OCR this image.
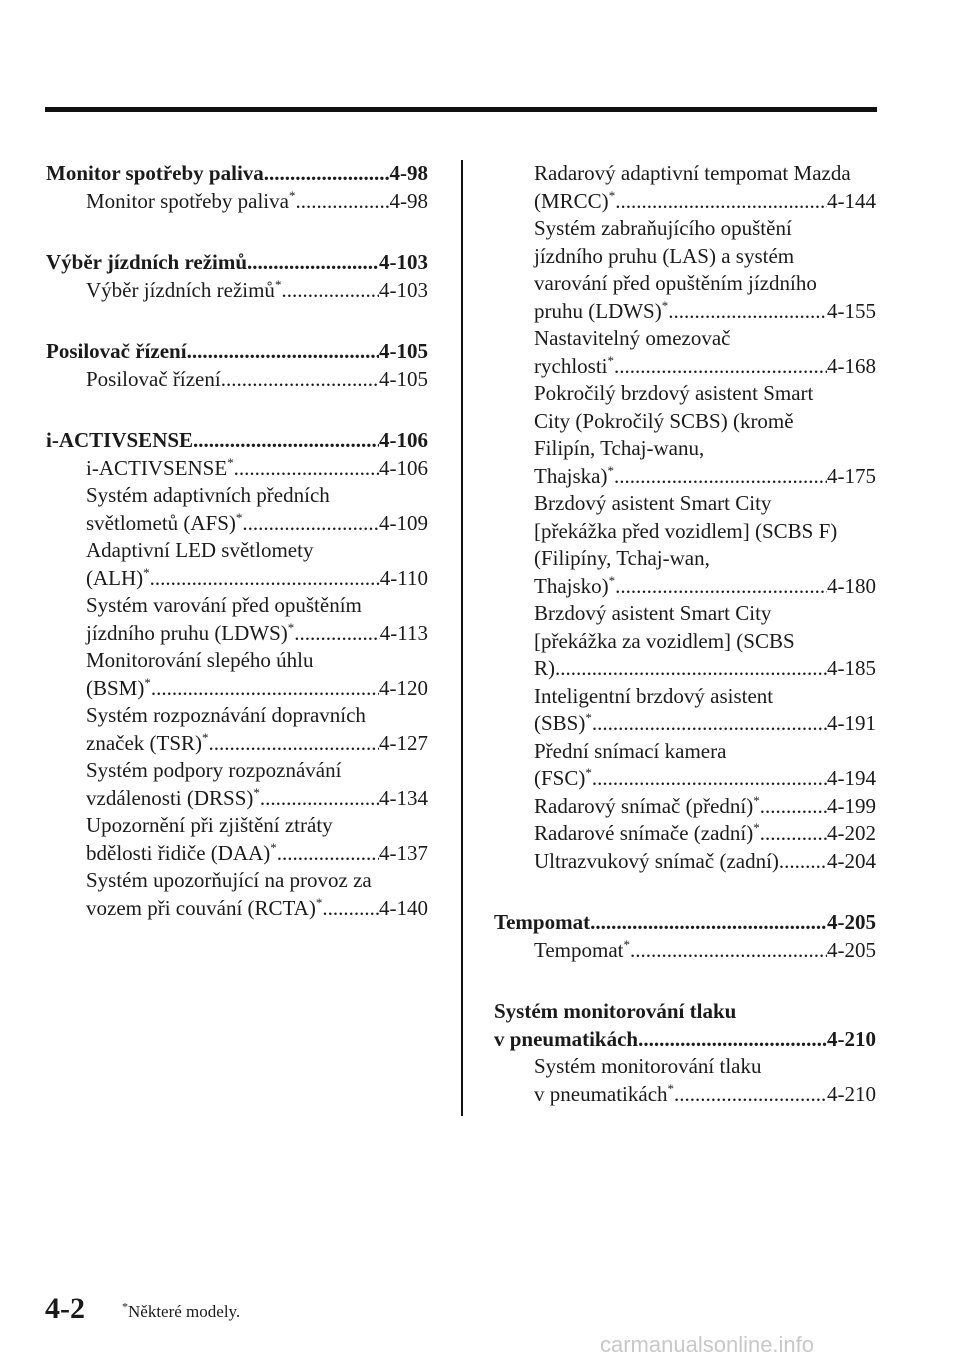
Monitor spotřeby paliva .....	4-98
Monitor spotřeby paliva* .....	4-98
Výběr jízdních režimů .....	4-103
Výběr jízdních režimů* .....	4-103
Posilovač řízení .....	4-105
Posilovač řízení .....	4-105
i-ACTIVSENSE .....	4-106
i-ACTIVSENSE* .....	4-106
Systém adaptivních předních
světlometů (AFS)* .....	4-109
Adaptivní LED světlomety
(ALH)* .....	4-110
Systém varování před opuštěním
jízdního pruhu (LDWS)* .....	4-113
Monitorování slepého úhlu
(BSM)* .....	4-120
Systém rozpoznávání dopravních
značek (TSR)* .....	4-127
Systém podpory rozpoznávání
vzdálenosti (DRSS)* .....	4-134
Upozornění při zjištění ztráty
bdělosti řidiče (DAA)* .....	4-137
Systém upozorňující na provoz za
vozem při couvání (RCTA)* .....	4-140
Radarový adaptivní tempomat Mazda
(MRCC)* .....	4-144
Systém zabraňujícího opuštění
jízdního pruhu (LAS) a systém
varování před opuštěním jízdního
pruhu (LDWS)* .....	4-155
Nastavitelný omezovač
rychlosti* .....	4-168
Pokročilý brzdový asistent Smart
City (Pokročilý SCBS) (kromě
Filipín, Tchaj-wanu,
Thajska)* .....	4-175
Brzdový asistent Smart City
[překážka před vozidlem] (SCBS F)
(Filipíny, Tchaj-wan,
Thajsko)* .....	4-180
Brzdový asistent Smart City
[překážka za vozidlem] (SCBS
R) .....	4-185
Inteligentní brzdový asistent
(SBS)* .....	4-191
Přední snímací kamera
(FSC)* .....	4-194
Radarový snímač (přední)* .....	4-199
Radarové snímače (zadní)* .....	4-202
Ultrazvukový snímač (zadní) ..... 4-204
Tempomat .....	4-205
Tempomat* .....	4-205
Systém monitorování tlaku
v pneumatikách .....	4-210
Systém monitorování tlaku
v pneumatikách* .....	4-210
4-2	*Některé modely.
carmanualsonline.info
